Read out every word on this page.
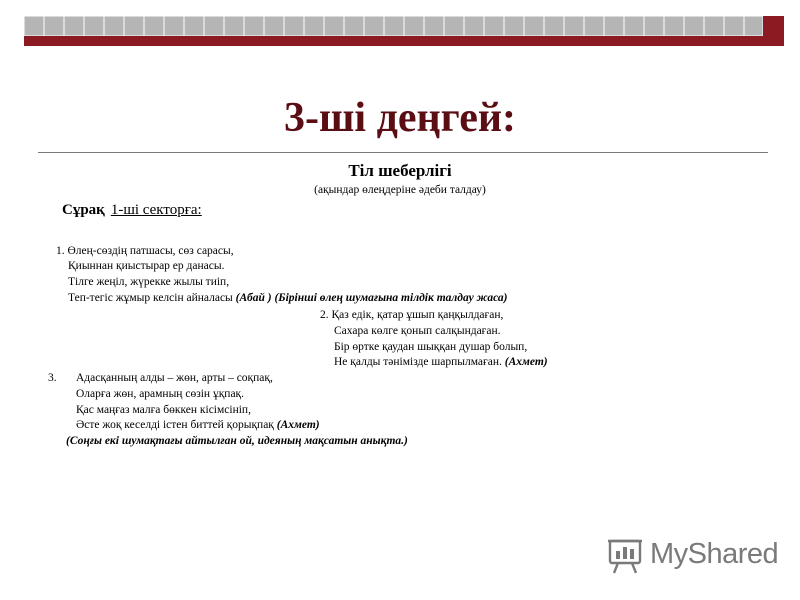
3-ші деңгей:
Тіл шеберлігі
(ақындар өлеңдеріне әдеби талдау)
Сұрақ 1-ші секторға:
1. Өлең-сөздің патшасы, сөз сарасы,
Қиыннан қиыстырар ер данасы.
Тілге жеңіл, жүрекке жылы тиіп,
Теп-тегіс жұмыр келсін айналасы (Абай ) (Бірінші өлең шумағына тілдік талдау жаса)
2. Қаз едік, қатар ұшып қаңқылдаған,
Сахара көлге қонып салқындаған.
Бір өртке қаудан шыққан душар болып,
Не қалды тәнімізде шарпылмаған. (Ахмет)
3. Адасқанның алды – жөн, арты – соқпақ,
Оларға жөн, арамның сөзін ұқпақ.
Қас маңғаз малға бөккен кісімсініп,
Әсте жоқ кеселді істен биттей қорықпақ (Ахмет)
(Соңғы екі шумақтағы айтылған ой, идеяның мақсатын анықта.)
MyShared
